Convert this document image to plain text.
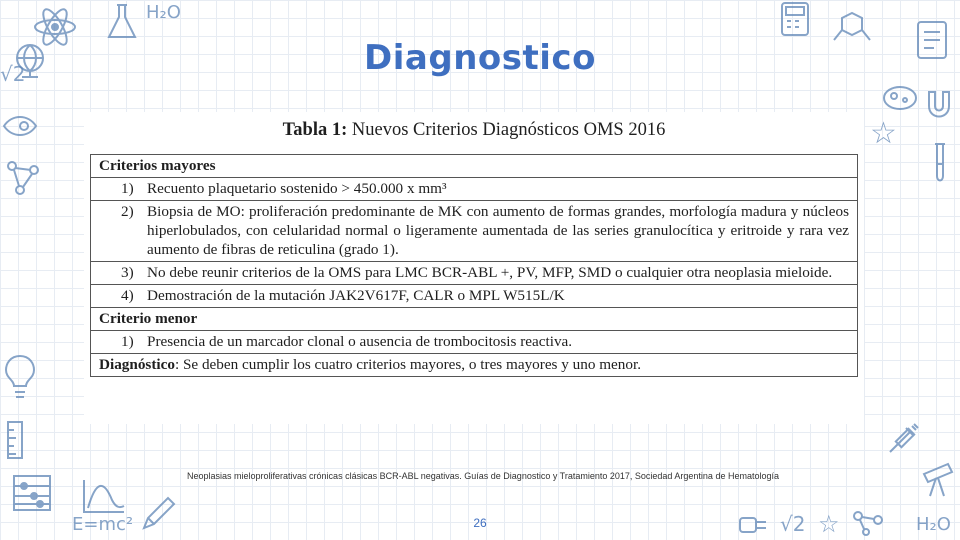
H₂O
√2
☆
E=mc²	√2 ☆	H₂O
Diagnostico
Tabla 1: Nuevos Criterios Diagnósticos OMS 2016
Criterios mayores

1) Recuento plaquetario sostenido > 450.000 x mm³

2) Biopsia de MO: proliferación predominante de MK con aumento de formas grandes, morfología madura y núcleos hiperlobulados, con celularidad normal o ligeramente aumentada de las series granulocítica y eritroide y rara vez aumento de fibras de reticulina (grado 1).

3) No debe reunir criterios de la OMS para LMC BCR-ABL +, PV, MFP, SMD o cualquier otra neoplasia mieloide.

4) Demostración de la mutación JAK2V617F, CALR o MPL W515L/K

Criterio menor

1) Presencia de un marcador clonal o ausencia de trombocitosis reactiva.

Diagnóstico: Se deben cumplir los cuatro criterios mayores, o tres mayores y uno menor.
Neoplasias mieloproliferativas crónicas clásicas BCR-ABL negativas. Guías de Diagnostico y Tratamiento 2017, Sociedad Argentina de Hematología
26
